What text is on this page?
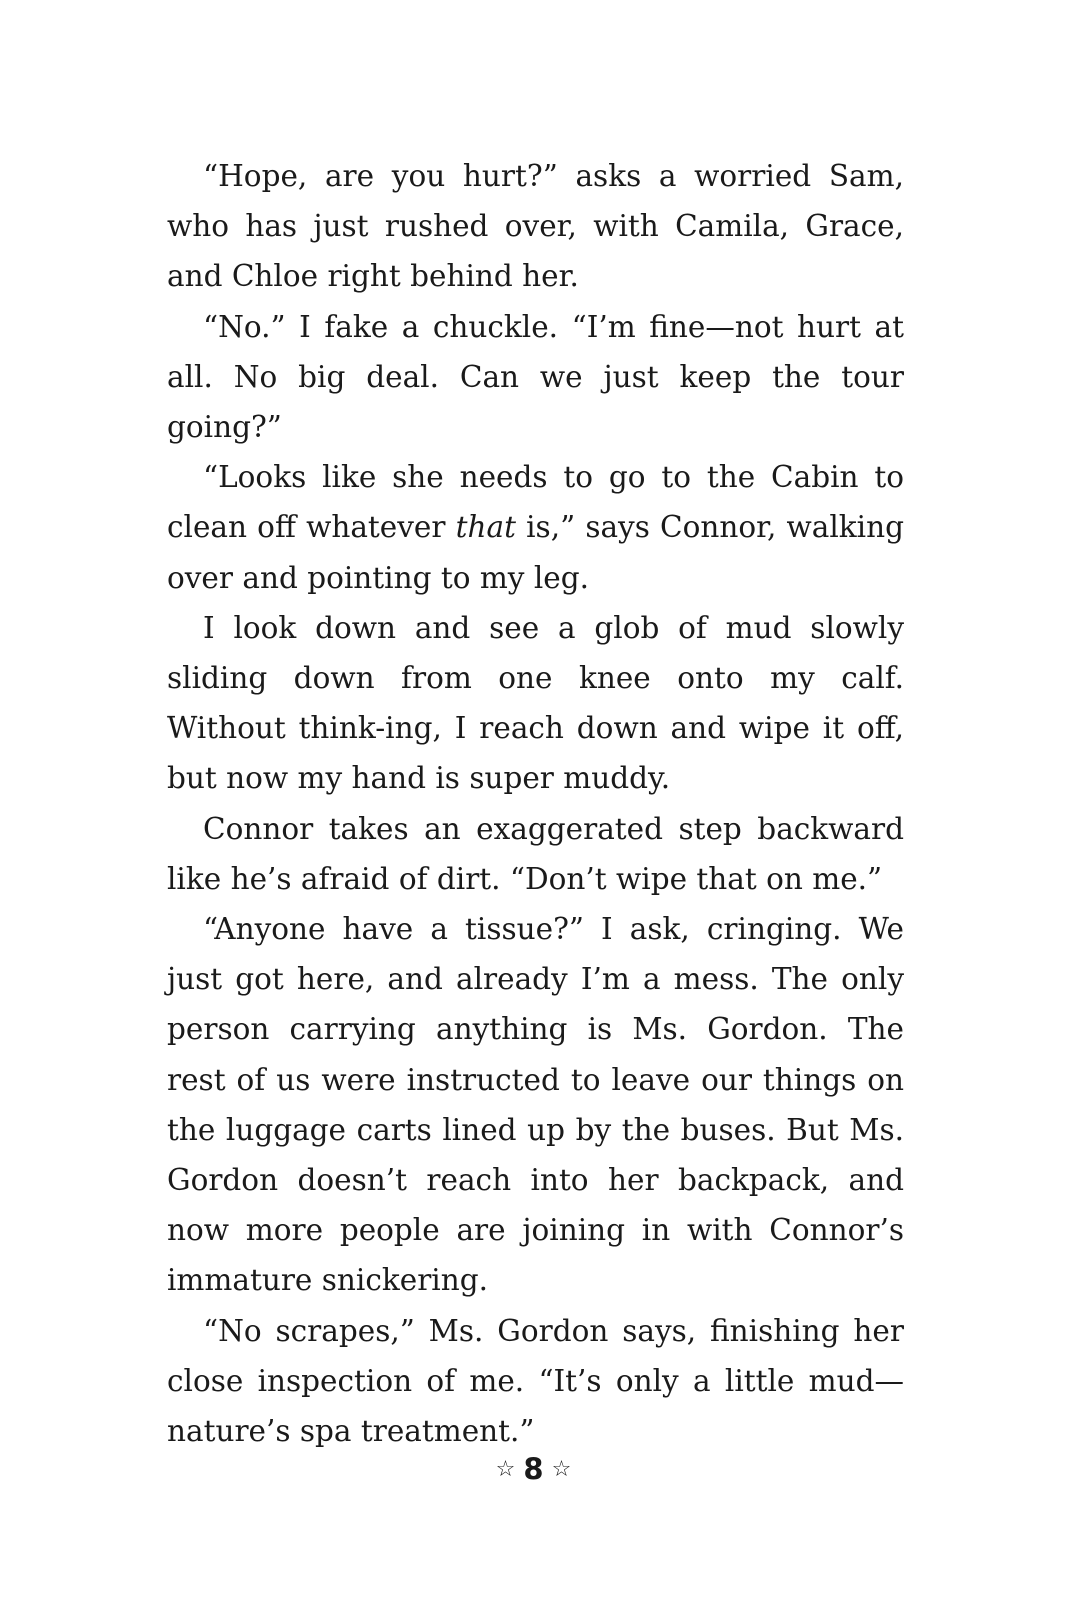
“Hope, are you hurt?” asks a worried Sam, who has just rushed over, with Camila, Grace, and Chloe right behind her.

“No.” I fake a chuckle. “I’m fine—not hurt at all. No big deal. Can we just keep the tour going?”

“Looks like she needs to go to the Cabin to clean off whatever that is,” says Connor, walking over and pointing to my leg.

I look down and see a glob of mud slowly sliding down from one knee onto my calf. Without think-ing, I reach down and wipe it off, but now my hand is super muddy.

Connor takes an exaggerated step backward like he’s afraid of dirt. “Don’t wipe that on me.”

“Anyone have a tissue?” I ask, cringing. We just got here, and already I’m a mess. The only person carrying anything is Ms. Gordon. The rest of us were instructed to leave our things on the luggage carts lined up by the buses. But Ms. Gordon doesn’t reach into her backpack, and now more people are joining in with Connor’s immature snickering.

“No scrapes,” Ms. Gordon says, finishing her close inspection of me. “It’s only a little mud—nature’s spa treatment.”

☆ 8 ☆
